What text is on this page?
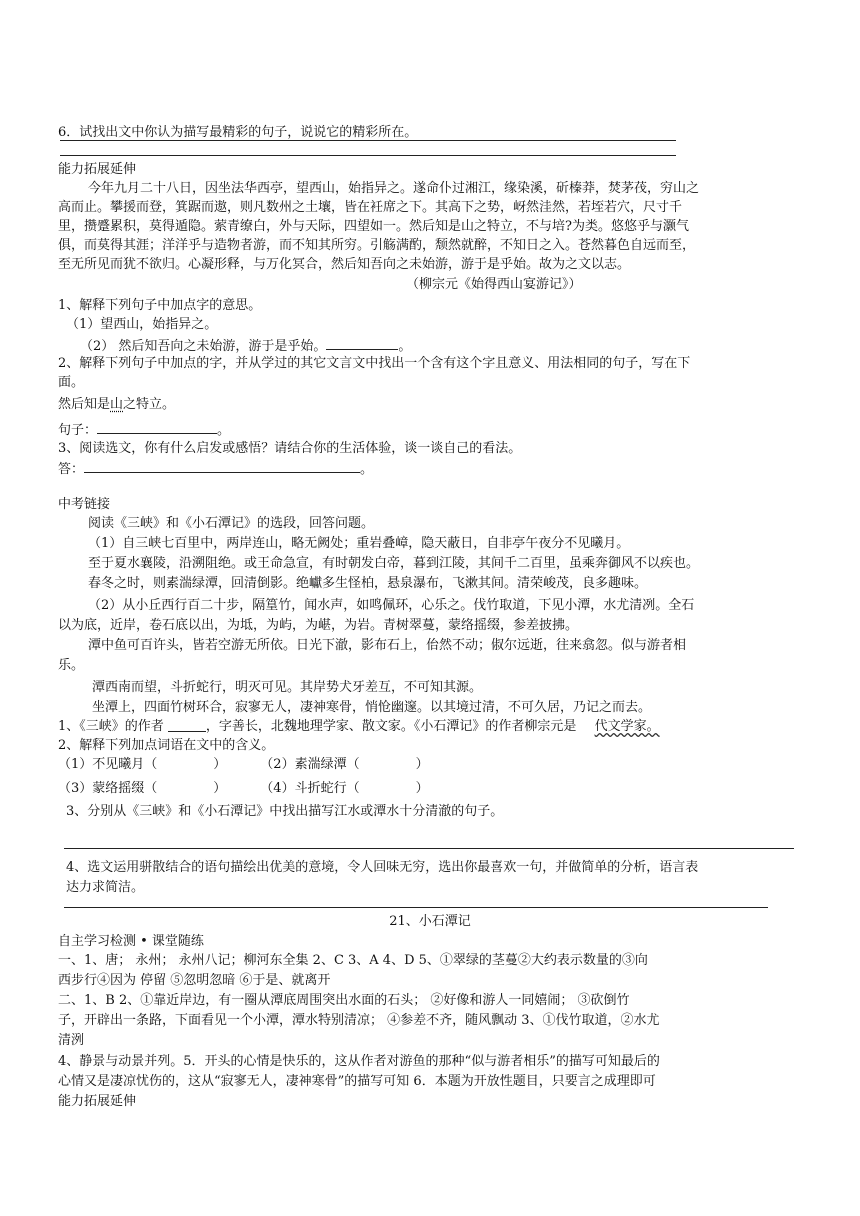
6．试找出文中你认为描写最精彩的句子，说说它的精彩所在。
能力拓展延伸
今年九月二十八日，因坐法华西亭，望西山，始指异之。遂命仆过湘江，缘染溪，斫榛莽，焚茅茷，穷山之
高而止。攀援而登，箕踞而遨，则凡数州之土壤，皆在衽席之下。其高下之势，岈然洼然，若垤若穴，尺寸千
里，攒蹙累积，莫得遁隐。萦青缭白，外与天际，四望如一。然后知是山之特立，不与培?为类。悠悠乎与灏气
俱，而莫得其涯；洋洋乎与造物者游，而不知其所穷。引觞满酌，颓然就醉，不知日之入。苍然暮色自远而至，
至无所见而犹不欲归。心凝形释，与万化冥合，然后知吾向之未始游，游于是乎始。故为之文以志。
（柳宗元《始得西山宴游记》）
1、解释下列句子中加点字的意思。
（1）望西山，始指异之。
（2） 然后知吾向之未始游，游于是乎始。	。
2、解释下列句子中加点的字，并从学过的其它文言文中找出一个含有这个字且意义、用法相同的句子，写在下
面。
然后知是山之特立。
句子：	。
3、阅读选文，你有什么启发或感悟？请结合你的生活体验，谈一谈自己的看法。
答：	。
中考链接
阅读《三峡》和《小石潭记》的选段，回答问题。
（1）自三峡七百里中，两岸连山，略无阙处；重岩叠嶂，隐天蔽日，自非亭午夜分不见曦月。
至于夏水襄陵，沿溯阻绝。或王命急宣，有时朝发白帝，暮到江陵，其间千二百里，虽乘奔御风不以疾也。
春冬之时，则素湍绿潭，回清倒影。绝巘多生怪柏，悬泉瀑布，飞漱其间。清荣峻茂，良多趣味。
（2）从小丘西行百二十步，隔篁竹，闻水声，如鸣佩环，心乐之。伐竹取道，下见小潭，水尤清冽。全石
以为底，近岸，卷石底以出，为坻，为屿，为嵁，为岩。青树翠蔓，蒙络摇缀，参差披拂。
潭中鱼可百许头，皆若空游无所依。日光下澈，影布石上，佁然不动；俶尔远逝，往来翕忽。似与游者相
乐。
潭西南而望，斗折蛇行，明灭可见。其岸势犬牙差互，不可知其源。
坐潭上，四面竹树环合，寂寥无人，凄神寒骨，悄怆幽邃。以其境过清，不可久居，乃记之而去。
1、《三峡》的作者	，字善长，北魏地理学家、散文家。《小石潭记》的作者柳宗元是 代文学家。
2、解释下列加点词语在文中的含义。
（1）不见曦月（	）	（2）素湍绿潭（	）
（3）蒙络摇缀（	）	（4）斗折蛇行（	）
3、分别从《三峡》和《小石潭记》中找出描写江水或潭水十分清澈的句子。
4、选文运用骈散结合的语句描绘出优美的意境，令人回味无穷，选出你最喜欢一句，并做简单的分析，语言表
达力求简洁。
21、小石潭记
自主学习检测 • 课堂随练
一、1、唐； 永州； 永州八记；柳河东全集 2、C 3、A 4、D 5、①翠绿的茎蔓②大约表示数量的③向
西步行④因为 停留 ⑤忽明忽暗 ⑥于是、就离开
二、1、B 2、①靠近岸边，有一圈从潭底周围突出水面的石头； ②好像和游人一同嬉闹； ③砍倒竹
子，开辟出一条路，下面看见一个小潭，潭水特别清凉； ④参差不齐，随风飘动 3、①伐竹取道，②水尤
清洌
4、静景与动景并列。5．开头的心情是快乐的，这从作者对游鱼的那种“似与游者相乐”的描写可知最后的
心情又是凄凉忧伤的，这从“寂寥无人，凄神寒骨”的描写可知 6．本题为开放性题目，只要言之成理即可
能力拓展延伸
